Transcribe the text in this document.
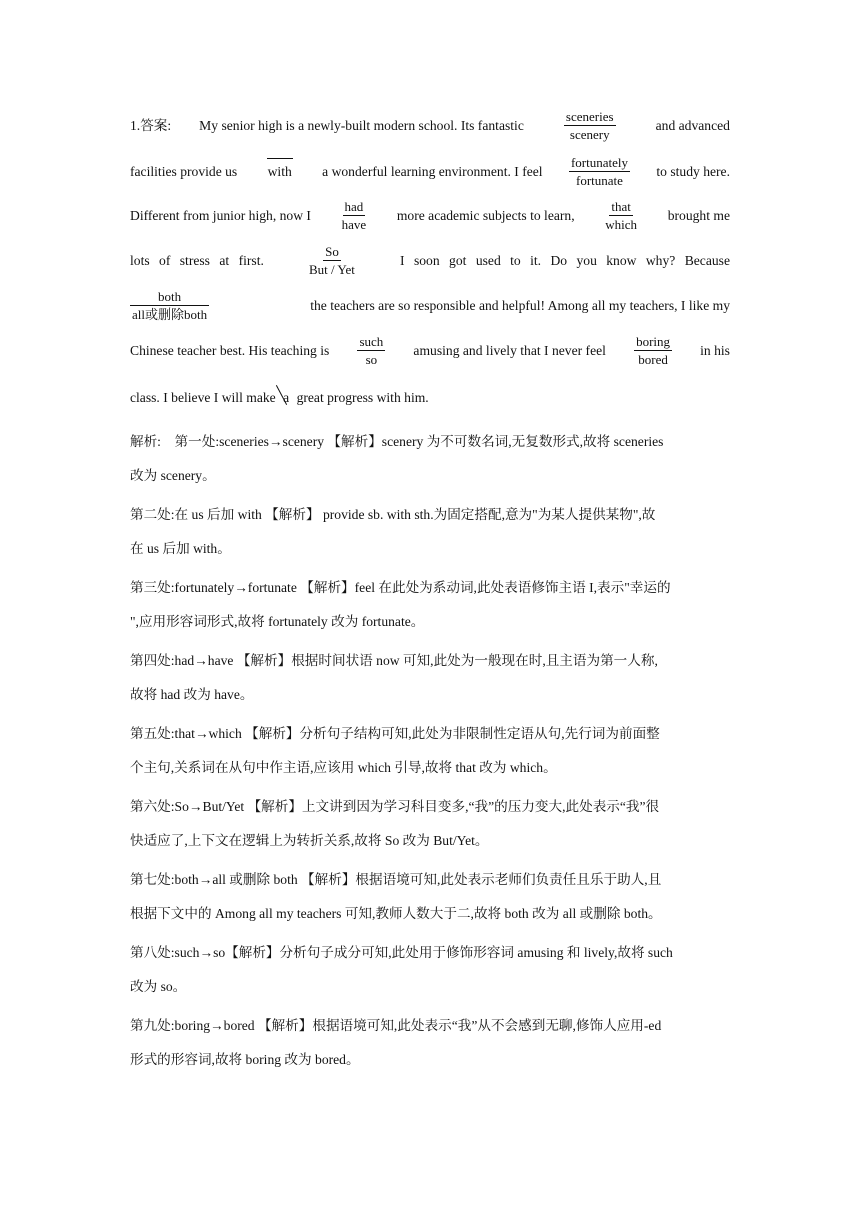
1.答案: My senior high is a newly-built modern school. Its fantastic	$\frac{\text{sceneries}}{\text{scenery}}$	and advanced
facilities provide us with a wonderful learning environment. I feel $\frac{\text{fortunately}}{\text{fortunate}}$ to study here.
Different from junior high, now I $\frac{\text{had}}{\text{have}}$ more academic subjects to learn, $\frac{\text{that}}{\text{which}}$ brought me
lots of stress at first.	$\frac{So}{\text{But / Yet}}$	I soon got used to it. Do you know why? Because
$\frac{\text{both}}{\text{all或删除both}}$	the teachers are so responsible and helpful! Among all my teachers, I like my
Chinese teacher best. His teaching is $\frac{\text{such}}{so}$ amusing and lively that I never feel $\frac{\text{boring}}{\text{bored}}$ in his
class. I believe I will make a great progress with him.
解析:　第一处:sceneries→scenery 【解析】scenery 为不可数名词,无复数形式,故将 sceneries
改为 scenery。
第二处:在 us 后加 with 【解析】 provide sb. with sth.为固定搭配,意为"为某人提供某物",故
在 us 后加 with。
第三处:fortunately→fortunate 【解析】feel 在此处为系动词,此处表语修饰主语 I,表示"幸运的
",应用形容词形式,故将 fortunately 改为 fortunate。
第四处:had→have 【解析】根据时间状语 now 可知,此处为一般现在时,且主语为第一人称,
故将 had 改为 have。
第五处:that→which 【解析】分析句子结构可知,此处为非限制性定语从句,先行词为前面整
个主句,关系词在从句中作主语,应该用 which 引导,故将 that 改为 which。
第六处:So→But/Yet 【解析】上文讲到因为学习科目变多,“我”的压力变大,此处表示“我”很
快适应了,上下文在逻辑上为转折关系,故将 So 改为 But/Yet。
第七处:both→all 或删除 both 【解析】根据语境可知,此处表示老师们负责任且乐于助人,且
根据下文中的 Among all my teachers 可知,教师人数大于二,故将 both 改为 all 或删除 both。
第八处:such→so【解析】分析句子成分可知,此处用于修饰形容词 amusing 和 lively,故将 such
改为 so。
第九处:boring→bored 【解析】根据语境可知,此处表示“我”从不会感到无聊,修饰人应用-ed
形式的形容词,故将 boring 改为 bored。
